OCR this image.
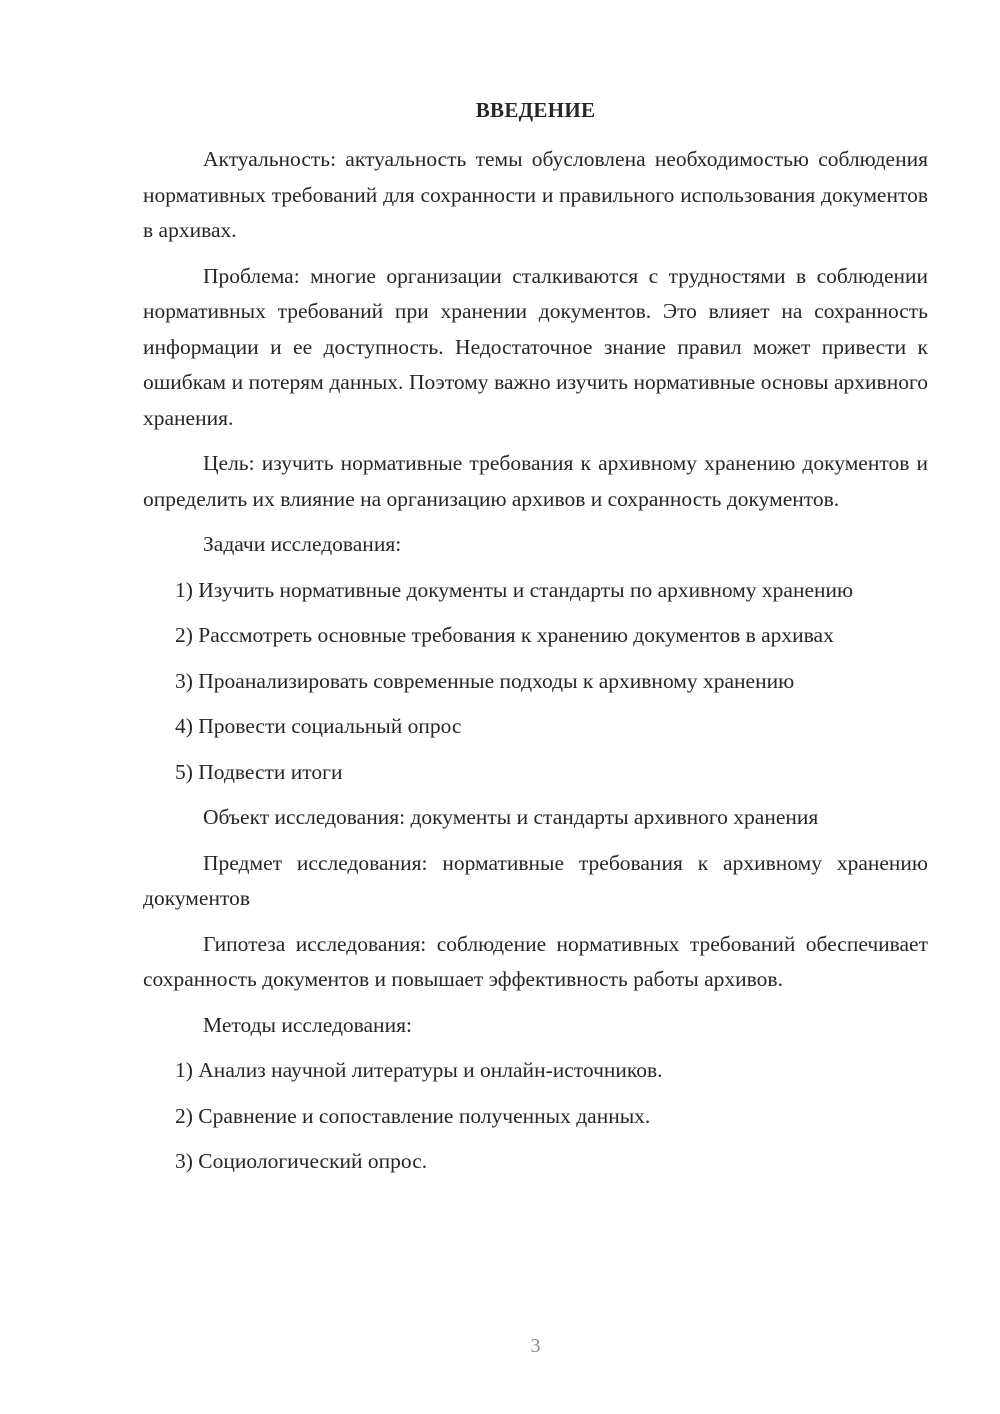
ВВЕДЕНИЕ

Актуальность: актуальность темы обусловлена необходимостью соблюдения нормативных требований для сохранности и правильного использования документов в архивах.

Проблема: многие организации сталкиваются с трудностями в соблюдении нормативных требований при хранении документов. Это влияет на сохранность информации и ее доступность. Недостаточное знание правил может привести к ошибкам и потерям данных. Поэтому важно изучить нормативные основы архивного хранения.

Цель: изучить нормативные требования к архивному хранению документов и определить их влияние на организацию архивов и сохранность документов.

Задачи исследования:

1) Изучить нормативные документы и стандарты по архивному хранению

2) Рассмотреть основные требования к хранению документов в архивах

3) Проанализировать современные подходы к архивному хранению

4) Провести социальный опрос

5) Подвести итоги

Объект исследования: документы и стандарты архивного хранения

Предмет исследования: нормативные требования к архивному хранению документов

Гипотеза исследования: соблюдение нормативных требований обеспечивает сохранность документов и повышает эффективность работы архивов.

Методы исследования:

1) Анализ научной литературы и онлайн-источников.

2) Сравнение и сопоставление полученных данных.

3) Социологический опрос.

3
